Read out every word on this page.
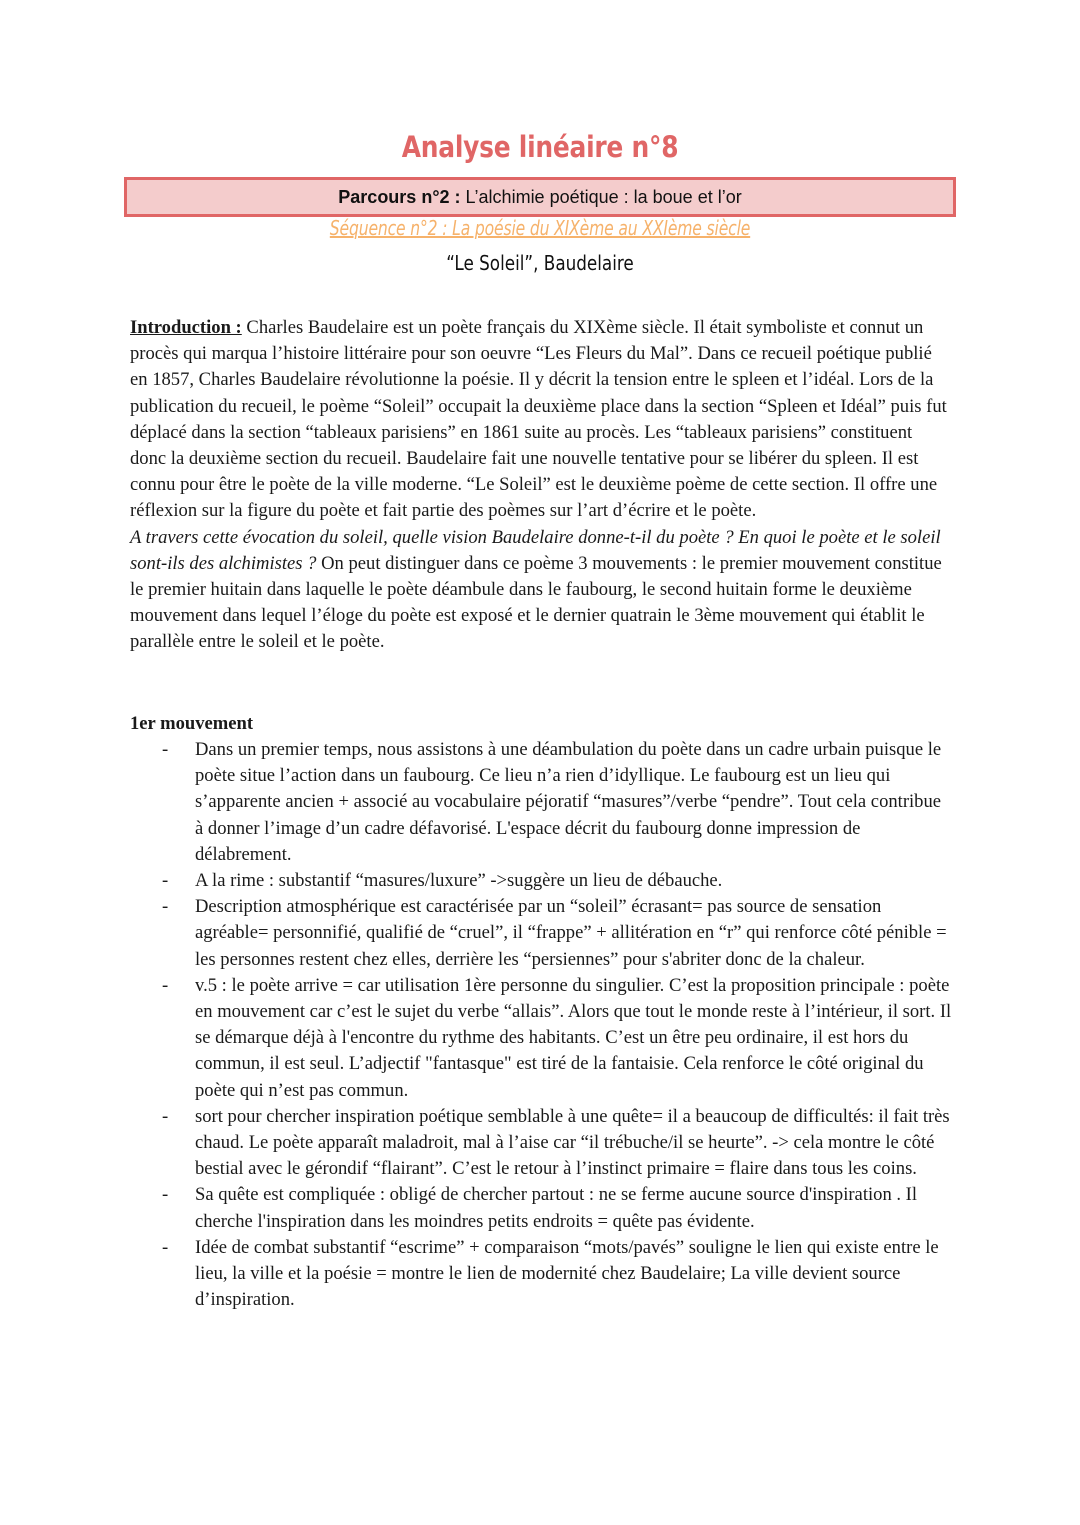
Analyse linéaire n°8
Parcours n°2 : L’alchimie poétique : la boue et l’or
Séquence n°2 : La poésie du XIXème au XXIème siècle
“Le Soleil”, Baudelaire
Introduction : Charles Baudelaire est un poète français du XIXème siècle. Il était symboliste et connut un procès qui marqua l’histoire littéraire pour son oeuvre “Les Fleurs du Mal”. Dans ce recueil poétique publié en 1857, Charles Baudelaire révolutionne la poésie. Il y décrit la tension entre le spleen et l’idéal. Lors de la publication du recueil, le poème “Soleil” occupait la deuxième place dans la section “Spleen et Idéal” puis fut déplacé dans la section “tableaux parisiens” en 1861 suite au procès. Les “tableaux parisiens” constituent donc la deuxième section du recueil. Baudelaire fait une nouvelle tentative pour se libérer du spleen. Il est connu pour être le poète de la ville moderne. “Le Soleil” est le deuxième poème de cette section. Il offre une réflexion sur la figure du poète et fait partie des poèmes sur l’art d’écrire et le poète.
A travers cette évocation du soleil, quelle vision Baudelaire donne-t-il du poète ? En quoi le poète et le soleil sont-ils des alchimistes ? On peut distinguer dans ce poème 3 mouvements : le premier mouvement constitue le premier huitain dans laquelle le poète déambule dans le faubourg, le second huitain forme le deuxième mouvement dans lequel l’éloge du poète est exposé et le dernier quatrain le 3ème mouvement qui établit le parallèle entre le soleil et le poète.
1er mouvement
- Dans un premier temps, nous assistons à une déambulation du poète dans un cadre urbain puisque le poète situe l’action dans un faubourg. Ce lieu n’a rien d’idyllique. Le faubourg est un lieu qui s’apparente ancien + associé au vocabulaire péjoratif “masures”/verbe “pendre”. Tout cela contribue à donner l’image d’un cadre défavorisé. L'espace décrit du faubourg donne impression de délabrement.
- A la rime : substantif “masures/luxure” ->suggère un lieu de débauche.
- Description atmosphérique est caractérisée par un “soleil” écrasant= pas source de sensation agréable= personnifié, qualifié de “cruel”, il “frappe” + allitération en “r” qui renforce côté pénible = les personnes restent chez elles, derrière les “persiennes” pour s'abriter donc de la chaleur.
- v.5 : le poète arrive = car utilisation 1ère personne du singulier. C’est la proposition principale : poète en mouvement car c’est le sujet du verbe “allais”. Alors que tout le monde reste à l’intérieur, il sort. Il se démarque déjà à l'encontre du rythme des habitants. C’est un être peu ordinaire, il est hors du commun, il est seul. L’adjectif "fantasque" est tiré de la fantaisie. Cela renforce le côté original du poète qui n’est pas commun.
- sort pour chercher inspiration poétique semblable à une quête= il a beaucoup de difficultés: il fait très chaud. Le poète apparaît maladroit, mal à l’aise car “il trébuche/il se heurte”. -> cela montre le côté bestial avec le gérondif “flairant”. C’est le retour à l’instinct primaire = flaire dans tous les coins.
- Sa quête est compliquée : obligé de chercher partout : ne se ferme aucune source d'inspiration . Il cherche l'inspiration dans les moindres petits endroits = quête pas évidente.
- Idée de combat substantif “escrime” + comparaison “mots/pavés” souligne le lien qui existe entre le lieu, la ville et la poésie = montre le lien de modernité chez Baudelaire; La ville devient source d’inspiration.
